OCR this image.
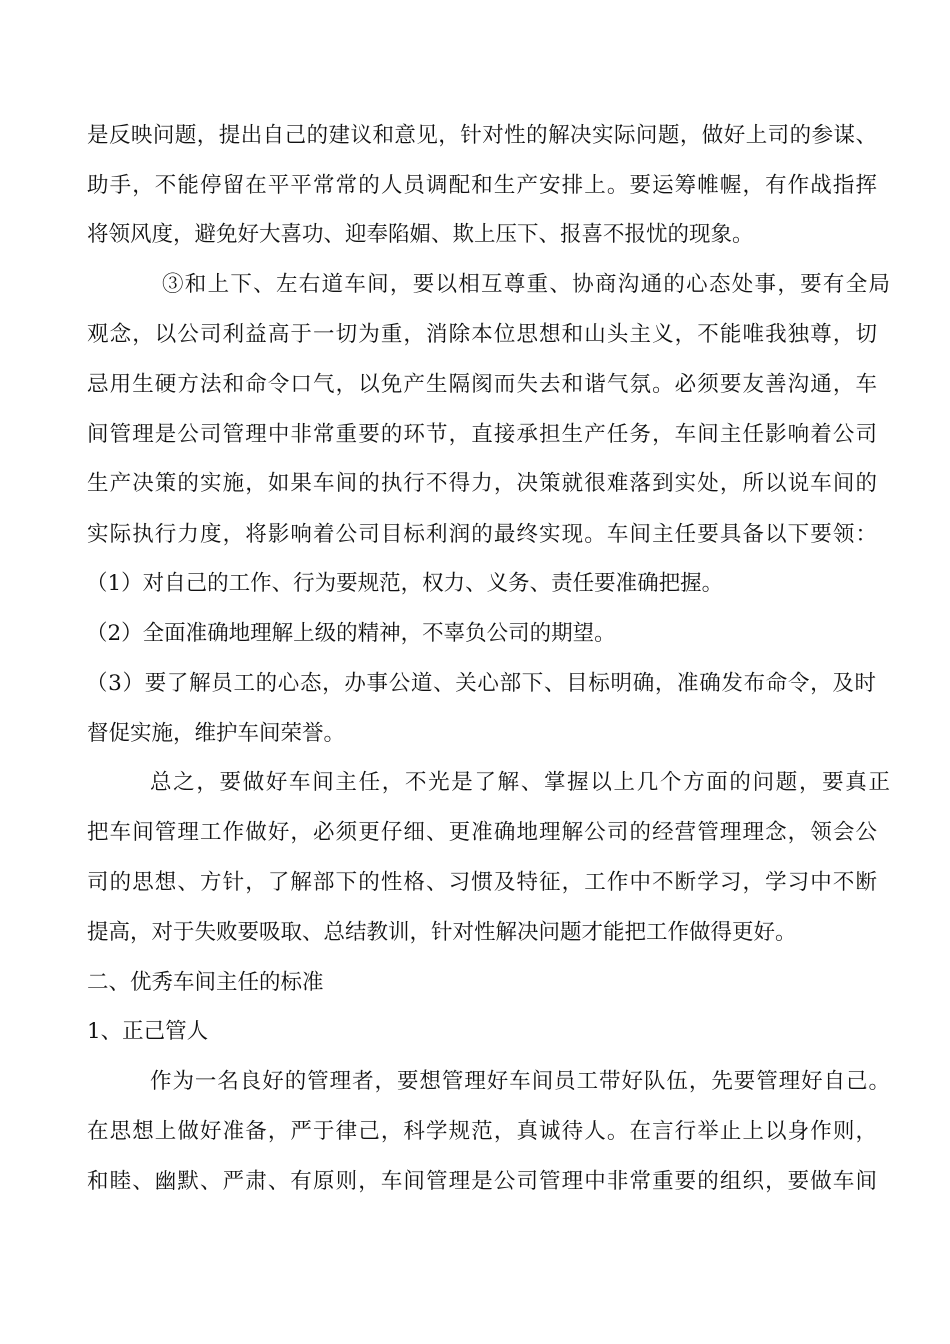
是反映问题，提出自己的建议和意见，针对性的解决实际问题，做好上司的参谋、

助手，不能停留在平平常常的人员调配和生产安排上。要运筹帷幄，有作战指挥

将领风度，避免好大喜功、迎奉陷媚、欺上压下、报喜不报忧的现象。

③和上下、左右道车间，要以相互尊重、协商沟通的心态处事，要有全局

观念，以公司利益高于一切为重，消除本位思想和山头主义，不能唯我独尊，切

忌用生硬方法和命令口气，以免产生隔阂而失去和谐气氛。必须要友善沟通，车

间管理是公司管理中非常重要的环节，直接承担生产任务，车间主任影响着公司

生产决策的实施，如果车间的执行不得力，决策就很难落到实处，所以说车间的

实际执行力度，将影响着公司目标利润的最终实现。车间主任要具备以下要领：

（1）对自己的工作、行为要规范，权力、义务、责任要准确把握。

（2）全面准确地理解上级的精神，不辜负公司的期望。

（3）要了解员工的心态，办事公道、关心部下、目标明确，准确发布命令，及时

督促实施，维护车间荣誉。

总之，要做好车间主任，不光是了解、掌握以上几个方面的问题，要真正

把车间管理工作做好，必须更仔细、更准确地理解公司的经营管理理念，领会公

司的思想、方针，了解部下的性格、习惯及特征，工作中不断学习，学习中不断

提高，对于失败要吸取、总结教训，针对性解决问题才能把工作做得更好。

二、优秀车间主任的标准

1、正己管人

作为一名良好的管理者，要想管理好车间员工带好队伍，先要管理好自己。

在思想上做好准备，严于律己，科学规范，真诚待人。在言行举止上以身作则，

和睦、幽默、严肃、有原则，车间管理是公司管理中非常重要的组织，要做车间
